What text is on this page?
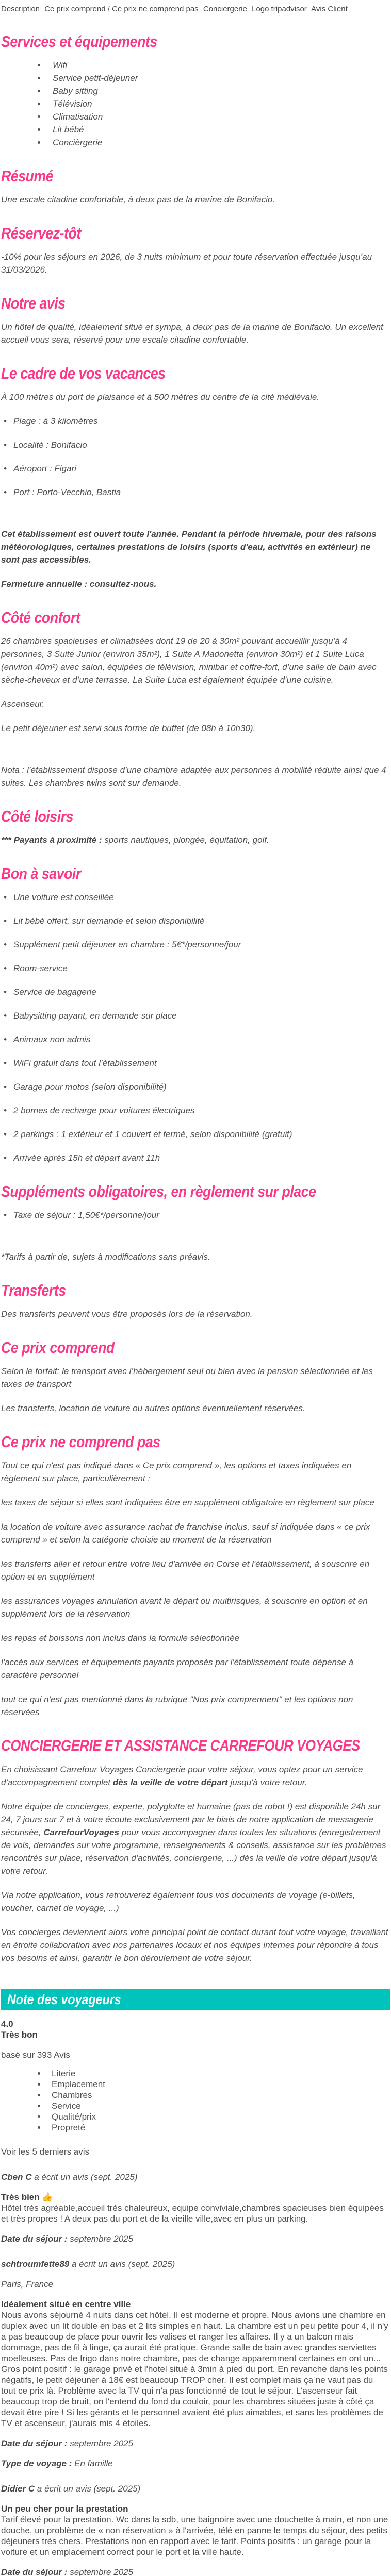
Description Ce prix comprend / Ce prix ne comprend pas Conciergerie Logo tripadvisor Avis Client
Services et équipements
• Wifi
• Service petit-déjeuner
• Baby sitting
• Télévision
• Climatisation
• Lit bébé
• Concièrgerie
Résumé

Une escale citadine confortable, à deux pas de la marine de Bonifacio.

Réservez-tôt

-10% pour les séjours en 2026, de 3 nuits minimum et pour toute réservation effectuée jusqu’au 31/03/2026.

Notre avis

Un hôtel de qualité, idéalement situé et sympa, à deux pas de la marine de Bonifacio. Un excellent accueil vous sera, réservé pour une escale citadine confortable.

Le cadre de vos vacances

À 100 mètres du port de plaisance et à 500 mètres du centre de la cité médiévale.

• Plage : à 3 kilomètres
• Localité : Bonifacio
• Aéroport : Figari
• Port : Porto-Vecchio, Bastia

Cet établissement est ouvert toute l'année. Pendant la période hivernale, pour des raisons météorologiques, certaines prestations de loisirs (sports d'eau, activités en extérieur) ne sont pas accessibles.

Fermeture annuelle : consultez-nous.

Côté confort

26 chambres spacieuses et climatisées dont 19 de 20 à 30m² pouvant accueillir jusqu’à 4 personnes, 3 Suite Junior (environ 35m²), 1 Suite A Madonetta (environ 30m²) et 1 Suite Luca (environ 40m²) avec salon, équipées de télévision, minibar et coffre-fort, d’une salle de bain avec sèche-cheveux et d’une terrasse. La Suite Luca est également équipée d’une cuisine.

Ascenseur.

Le petit déjeuner est servi sous forme de buffet (de 08h à 10h30).

Nota : l’établissement dispose d’une chambre adaptée aux personnes à mobilité réduite ainsi que 4 suites. Les chambres twins sont sur demande.

Côté loisirs

*** Payants à proximité : sports nautiques, plongée, équitation, golf.

Bon à savoir
• Une voiture est conseillée
• Lit bébé offert, sur demande et selon disponibilité
• Supplément petit déjeuner en chambre : 5€*/personne/jour
• Room-service
• Service de bagagerie
• Babysitting payant, en demande sur place
• Animaux non admis
• WiFi gratuit dans tout l’établissement
• Garage pour motos (selon disponibilité)
• 2 bornes de recharge pour voitures électriques
• 2 parkings : 1 extérieur et 1 couvert et fermé, selon disponibilité (gratuit)
• Arrivée après 15h et départ avant 11h
Suppléments obligatoires, en règlement sur place
• Taxe de séjour : 1,50€*/personne/jour

*Tarifs à partir de, sujets à modifications sans préavis.

Transferts

Des transferts peuvent vous être proposés lors de la réservation.

Ce prix comprend

Selon le forfait: le transport avec l’hébergement seul ou bien avec la pension sélectionnée et les taxes de transport

Les transferts, location de voiture ou autres options éventuellement réservées.

Ce prix ne comprend pas

Tout ce qui n'est pas indiqué dans « Ce prix comprend », les options et taxes indiquées en règlement sur place, particulièrement :

les taxes de séjour si elles sont indiquées être en supplément obligatoire en règlement sur place

la location de voiture avec assurance rachat de franchise inclus, sauf si indiquée dans « ce prix comprend » et selon la catégorie choisie au moment de la réservation

les transferts aller et retour entre votre lieu d'arrivée en Corse et l'établissement, à souscrire en option et en supplément

les assurances voyages annulation avant le départ ou multirisques, à souscrire en option et en supplément lors de la réservation

les repas et boissons non inclus dans la formule sélectionnée

l'accès aux services et équipements payants proposés par l'établissement toute dépense à caractère personnel

tout ce qui n'est pas mentionné dans la rubrique "Nos prix comprennent" et les options non réservées

CONCIERGERIE ET ASSISTANCE CARREFOUR VOYAGES

En choisissant Carrefour Voyages Conciergerie pour votre séjour, vous optez pour un service d'accompagnement complet dès la veille de votre départ jusqu'à votre retour.

Notre équipe de concierges, experte, polyglotte et humaine (pas de robot !) est disponible 24h sur 24, 7 jours sur 7 et à votre écoute exclusivement par le biais de notre application de messagerie sécurisée, CarrefourVoyages pour vous accompagner dans toutes les situations (enregistrement de vols, demandes sur votre programme, renseignements & conseils, assistance sur les problèmes rencontrés sur place, réservation d'activités, conciergerie, ...) dès la veille de votre départ jusqu'à votre retour.

Via notre application, vous retrouverez également tous vos documents de voyage (e-billets, voucher, carnet de voyage, ...)

Vos concierges deviennent alors votre principal point de contact durant tout votre voyage, travaillant en étroite collaboration avec nos partenaires locaux et nos équipes internes pour répondre à tous vos besoins et ainsi, garantir le bon déroulement de votre séjour.

Note des voyageurs
4.0
Très bon
basé sur 393 Avis
• Literie
• Emplacement
• Chambres
• Service
• Qualité/prix
• Propreté
Voir les 5 derniers avis
Cben C a écrit un avis (sept. 2025)
Très bien 👍
Hôtel très agréable,accueil très chaleureux, equipe conviviale,chambres spacieuses bien équipées et très propres ! A deux pas du port et de la vieille ville,avec en plus un parking.
Date du séjour : septembre 2025
schtroumfette89 a écrit un avis (sept. 2025)
Paris, France
Idéalement situé en centre ville
Nous avons séjourné 4 nuits dans cet hôtel. Il est moderne et propre. Nous avions une chambre en duplex avec un lit double en bas et 2 lits simples en haut. La chambre est un peu petite pour 4, il n'y a pas beaucoup de place pour ouvrir les valises et ranger les affaires. Il y a un balcon mais dommage, pas de fil à linge, ça aurait été pratique. Grande salle de bain avec grandes serviettes moelleuses. Pas de frigo dans notre chambre, pas de change apparemment certaines en ont un... Gros point positif : le garage privé et l'hotel situé à 3min à pied du port. En revanche dans les points négatifs, le petit déjeuner à 18€ est beaucoup TROP cher. Il est complet mais ça ne vaut pas du tout ce prix là. Problème avec la TV qui n'a pas fonctionné de tout le séjour. L'ascenseur fait beaucoup trop de bruit, on l'entend du fond du couloir, pour les chambres situées juste à côté ça devait être pire ! Si les gérants et le personnel avaient été plus aimables, et sans les problèmes de TV et ascenseur, j'aurais mis 4 étoiles.
Date du séjour : septembre 2025
Type de voyage : En famille
Didier C a écrit un avis (sept. 2025)
Un peu cher pour la prestation
Tarif élevé pour la prestation. Wc dans la sdb, une baignoire avec une douchette à main, et non une douche, un problème de « non réservation » à l'arrivée, télé en panne le temps du séjour, des petits déjeuners très chers. Prestations non en rapport avec le tarif. Points positifs : un garage pour la voiture et un emplacement correct pour le port et la ville haute.
Date du séjour : septembre 2025
